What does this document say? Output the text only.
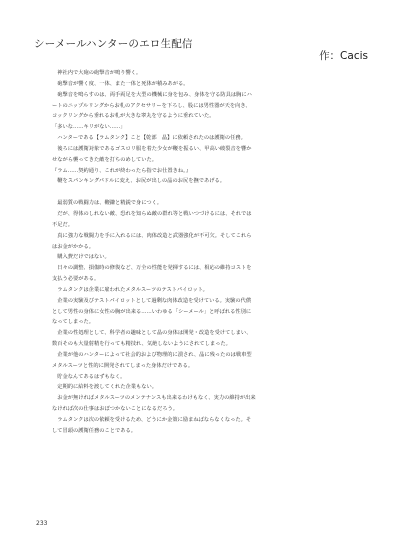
シーメールハンターのエロ生配信
作：Cacis
　神社内で大砲の砲撃音が鳴り響く。
　砲撃音が響く度、一体、また一体と死体が積みあがる。
　砲撃音を鳴らすのは、両手両足を大型の機械に身を包み、身体を守る防具は胸にハ
ートのニップルリングからお札のアクセサリーを下ろし、股には男性器が天を向き、
コックリングから垂れるお札が大きな睾丸を守るように垂れていた。
「多いな……キリがない……」
　ハンターである【ラムタンク】こと【乾部　晶】に依頼されたのは護衛の任務。
　後ろには護衛対象であるゴスロリ服を着た少女が鞭を振るい、甲高い破裂音を響か
せながら襲ってきた敵を打ちのめしていた。
『ラム……契約通り、これが終わったら指でお仕置きね。』
　鞭をスパンキングパドルに変え、お尻が出しの晶のお尻を撫であげる。
　最弱質の戦闘力は、鞭鎌と精鋭で身につく。
　だが、得体のしれない敵、恐れを知らぬ敵の群れ等と戦いつづけるには、それでは
不足だ。
　真に強力な戦闘力を手に入れるには、肉体改造と武器強化が不可欠。そしてこれら
はお金がかかる。
　購入費だけではない。
　日々の調整、損傷時の修復など、万全の性能を発揮するには、相応の維持コストを
支払う必要がある。
　ラムタンクは企業に雇われたメタルスーツのテストパイロット。
　企業の実験及びテストパイロットとして過剰な肉体改造を受けている。実験の代償
として男性の身体に女性の胸が出来る……いわゆる「シーメール」と呼ばれる性別に
なってしまった。
　企業の性処理として、科学者の趣味として晶の身体は開発・改造を受けてしまい、
数百そのも大量射精を行っても精技れ、気絶しないようにされてしまった。
　企業が他のハンターによって社会的および物理的に潰され、晶に残ったのは戦車型
メタルスーツと性的に開発されてしまった身体だけである。
　貯金なんてあるはずもなく。
　定期的に給料を渡してくれた企業もない。
　お金が無ければメタルスーツのメンテナンスも出来るわけもなく、実力の維持が出来
なければ次の仕事はおぼつかないことになるだろう。
　ラムタンクは次の依頼を受けるため、どうにか金策に励まねばならなくなった。そ
して冒頭の護衛任務のことである。
233
